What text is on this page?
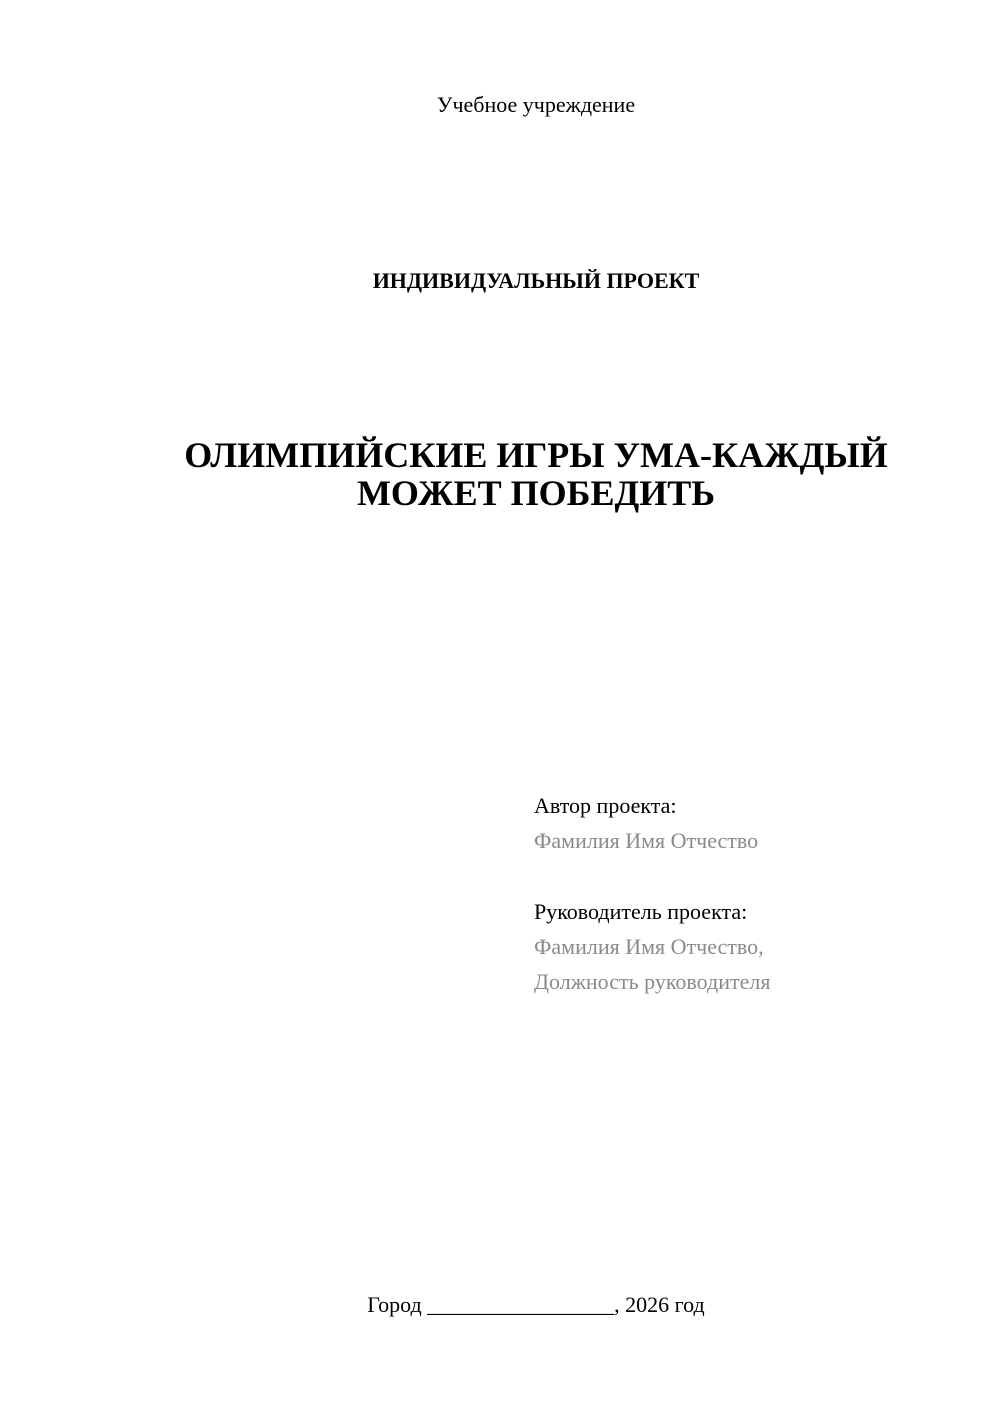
Учебное учреждение
ИНДИВИДУАЛЬНЫЙ ПРОЕКТ
ОЛИМПИЙСКИЕ ИГРЫ УМА-КАЖДЫЙ
МОЖЕТ ПОБЕДИТЬ
Автор проекта:
Фамилия Имя Отчество
Руководитель проекта:
Фамилия Имя Отчество,
Должность руководителя
Город _________________, 2026 год
